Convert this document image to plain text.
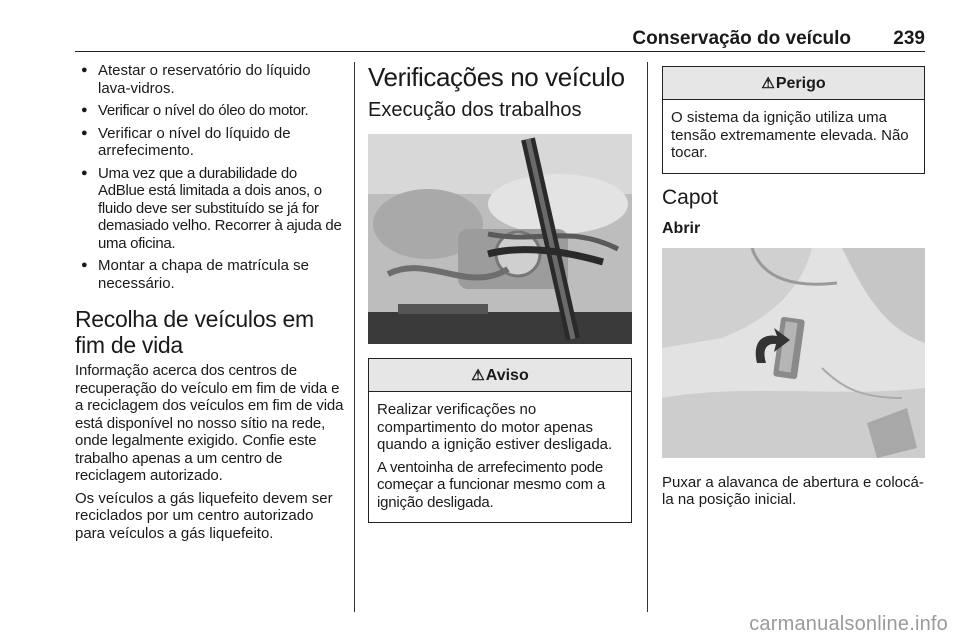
Conservação do veículo 239
● Atestar o reservatório do líquido lava-vidros.
● Verificar o nível do óleo do motor.
● Verificar o nível do líquido de arrefecimento.
● Uma vez que a durabilidade do AdBlue está limitada a dois anos, o fluido deve ser substituído se já for demasiado velho. Recorrer à ajuda de uma oficina.
● Montar a chapa de matrícula se necessário.
Recolha de veículos em fim de vida

Informação acerca dos centros de recuperação do veículo em fim de vida e a reciclagem dos veículos em fim de vida está disponível no nosso sítio na rede, onde legalmente exigido. Confie este trabalho apenas a um centro de reciclagem autorizado.

Os veículos a gás liquefeito devem ser reciclados por um centro autorizado para veículos a gás liquefeito.

Verificações no veículo
Execução dos trabalhos
⚠Aviso

Realizar verificações no compartimento do motor apenas quando a ignição estiver desligada.

A ventoinha de arrefecimento pode começar a funcionar mesmo com a ignição desligada.

⚠Perigo

O sistema da ignição utiliza uma tensão extremamente elevada. Não tocar.

Capot
Abrir

Puxar a alavanca de abertura e colocá-la na posição inicial.

carmanualsonline.info
